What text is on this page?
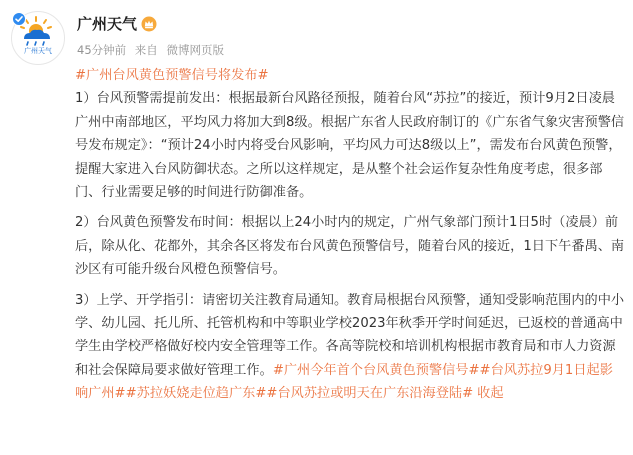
广州天气
广州天气
45分钟前 来自 微博网页版

#广州台风黄色预警信号将发布#

1）台风预警需提前发出：根据最新台风路径预报，随着台风“苏拉”的接近，预计9月2日凌晨广州中南部地区，平均风力将加大到8级。根据广东省人民政府制订的《广东省气象灾害预警信号发布规定》：“预计24小时内将受台风影响，平均风力可达8级以上”，需发布台风黄色预警，提醒大家进入台风防御状态。之所以这样规定，是从整个社会运作复杂性角度考虑，很多部门、行业需要足够的时间进行防御准备。

2）台风黄色预警发布时间：根据以上24小时内的规定，广州气象部门预计1日5时（凌晨）前后，除从化、花都外，其余各区将发布台风黄色预警信号，随着台风的接近，1日下午番禺、南沙区有可能升级台风橙色预警信号。

3）上学、开学指引：请密切关注教育局通知。教育局根据台风预警，通知受影响范围内的中小学、幼儿园、托儿所、托管机构和中等职业学校2023年秋季开学时间延迟，已返校的普通高中学生由学校严格做好校内安全管理等工作。各高等院校和培训机构根据市教育局和市人力资源和社会保障局要求做好管理工作。#广州今年首个台风黄色预警信号##台风苏拉9月1日起影响广州##苏拉妖娆走位趋广东##台风苏拉或明天在广东沿海登陆# 收起
